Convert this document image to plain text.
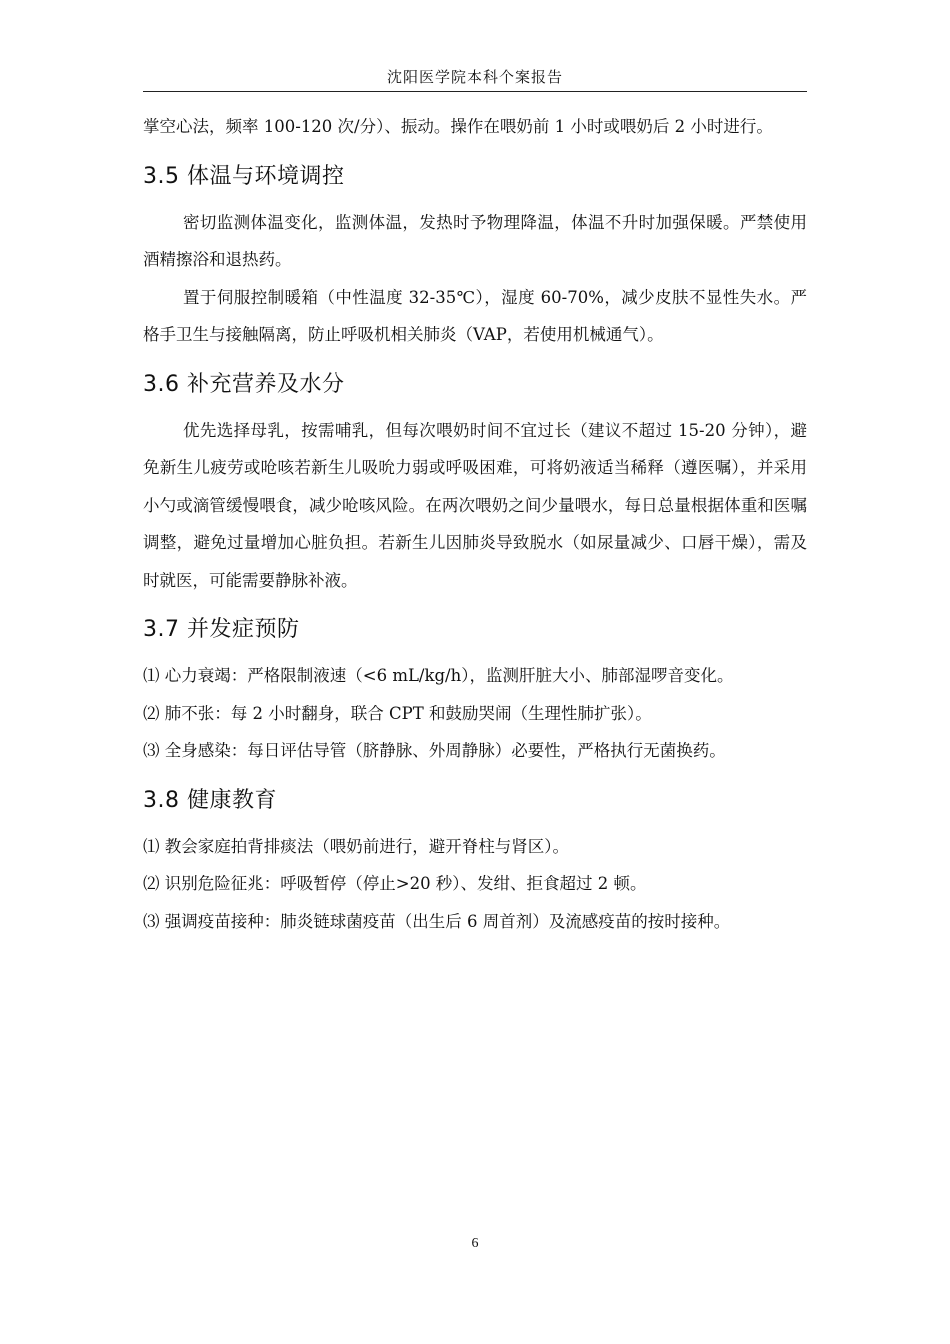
沈阳医学院本科个案报告

掌空心法，频率 100-120 次/分）、振动。操作在喂奶前 1 小时或喂奶后 2 小时进行。

3.5 体温与环境调控

密切监测体温变化，监测体温，发热时予物理降温，体温不升时加强保暖。严禁使用酒精擦浴和退热药。

置于伺服控制暖箱（中性温度 32-35℃），湿度 60-70%，减少皮肤不显性失水。严格手卫生与接触隔离，防止呼吸机相关肺炎（VAP，若使用机械通气）。

3.6 补充营养及水分

优先选择母乳，按需哺乳，但每次喂奶时间不宜过长（建议不超过 15-20 分钟），避免新生儿疲劳或呛咳若新生儿吸吮力弱或呼吸困难，可将奶液适当稀释（遵医嘱），并采用小勺或滴管缓慢喂食，减少呛咳风险。在两次喂奶之间少量喂水，每日总量根据体重和医嘱调整，避免过量增加心脏负担。若新生儿因肺炎导致脱水（如尿量减少、口唇干燥），需及时就医，可能需要静脉补液。

3.7 并发症预防

⑴ 心力衰竭：严格限制液速（<6 mL/kg/h），监测肝脏大小、肺部湿啰音变化。

⑵ 肺不张：每 2 小时翻身，联合 CPT 和鼓励哭闹（生理性肺扩张）。

⑶ 全身感染：每日评估导管（脐静脉、外周静脉）必要性，严格执行无菌换药。

3.8 健康教育

⑴ 教会家庭拍背排痰法（喂奶前进行，避开脊柱与肾区）。

⑵ 识别危险征兆：呼吸暂停（停止>20 秒）、发绀、拒食超过 2 顿。

⑶ 强调疫苗接种：肺炎链球菌疫苗（出生后 6 周首剂）及流感疫苗的按时接种。

6
